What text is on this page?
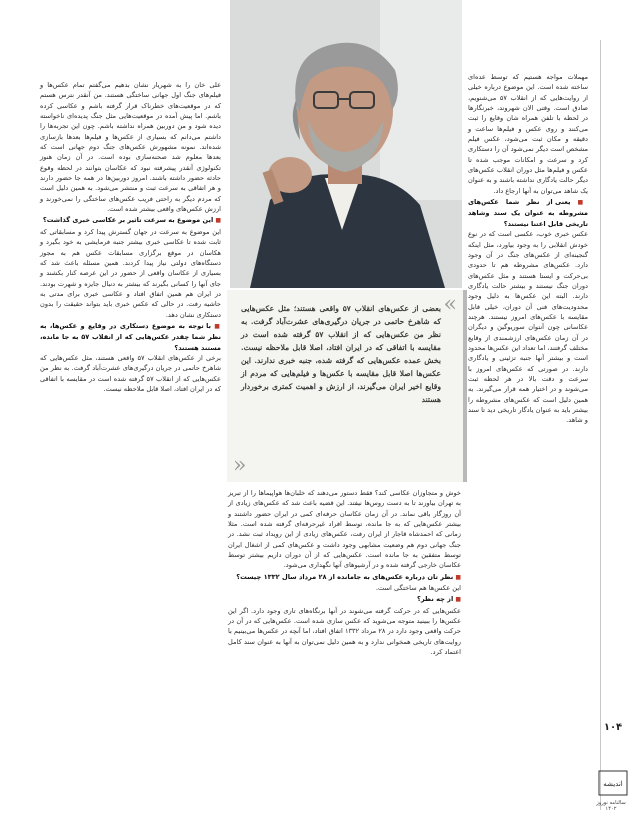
«
بعضی از عکس‌های انقلاب ۵۷ واقعی هستند؛ مثل عکس‌هایی که شاهرخ حاتمی در جریان درگیری‌های عشرت‌آباد گرفت. به نظر من عکس‌هایی که از انقلاب ۵۷ گرفته شده است در مقایسه با اتفاقی که در ایران افتاد، اصلا قابل ملاحظه نیست. بخش عمده عکس‌هایی که گرفته شده، جنبه خبری ندارند. این عکس‌ها اصلا قابل مقایسه با عکس‌ها و فیلم‌هایی که مردم از وقایع اخیر ایران می‌گیرند، از ارزش و اهمیت کمتری برخوردار هستند
»

مهملات مواجه هستیم که توسط عده‌ای ساخته شده است. این موضوع درباره خیلی از روایت‌هایی که از انقلاب ۵۷ می‌شنویم، صادق است. وقتی الان شهروند، خبرنگارها در لحظه با تلفن همراه شان وقایع را ثبت می‌کنند و روی عکس و فیلم‌ها ساعت و دقیقه و مکان ثبت می‌شود، عکس فیلم مشخص است دیگر نمی‌شود آن را دستکاری کرد و سرعت و امکانات موجب شده تا عکس و فیلم‌ها مثل دوران انقلاب عکس‌های دیگر حالت یادگاری نداشته باشند و به عنوان یک شاهد می‌توان به آنها ارجاع داد.

■ یعنی از نظر شما عکس‌های مشروطه به عنوان یک سند وشاهد تاریخی قابل اعتنا نیستند؟

عکس خبری خوب، عکسی است که در نوع خودش انقلابی را به وجود بیاورد، مثل اینکه گنجینه‌ای از عکس‌های جنگ در آن وجود دارد. عکس‌های مشروطه هم تا حدودی بی‌حرکت و ایستا هستند و مثل عکس‌های دوران جنگ نیستند و بیشتر حالت یادگاری دارند. البته این عکس‌ها به دلیل وجود محدودیت‌های فنی آن دوران، خیلی قابل مقایسه با عکس‌های امروز نیستند. هرچند عکاسانی چون آنتوان سوریوگین و دیگران در آن زمان عکس‌های ارزشمندی از وقایع مختلف گرفتند، اما تعداد این عکس‌ها محدود است و بیشتر آنها جنبه تزئینی و یادگاری دارند. در صورتی که عکس‌های امروز با سرعت و دقت بالا در هر لحظه ثبت می‌شوند و در اختیار همه قرار می‌گیرند. به همین دلیل است که عکس‌های مشروطه را بیشتر باید به عنوان یادگار تاریخی دید تا سند و شاهد.

علی خان را به شهریار نشان بدهیم می‌گفتم تمام عکس‌ها و فیلم‌های جنگ اول جهانی ساختگی هستند. من آنقدر نترس هستم که در موقعیت‌های خطرناک قرار گرفته باشم و عکاسی کرده باشم. اما پیش آمده در موقعیت‌هایی مثل جنگ پدیده‌ای ناخواسته دیده شود و من دوربین همراه نداشته باشم. چون این تجربه‌ها را داشتم می‌دانم که بسیاری از عکس‌ها و فیلم‌ها بعدها بازسازی شده‌اند. نمونه مشهورش عکس‌های جنگ دوم جهانی است که بعدها معلوم شد صحنه‌سازی بوده است. در آن زمان هنوز تکنولوژی آنقدر پیشرفته نبود که عکاسان بتوانند در لحظه وقوع حادثه حضور داشته باشند. امروز دوربین‌ها در همه جا حضور دارند و هر اتفاقی به سرعت ثبت و منتشر می‌شود. به همین دلیل است که مردم دیگر به راحتی فریب عکس‌های ساختگی را نمی‌خورند و ارزش عکس‌های واقعی بیشتر شده است.

■ این موضوع به سرعت تاثیر بر عکاسی خبری گذاشت؟

این موضوع به سرعت در جهان گسترش پیدا کرد و مسابقاتی که ثابت شده تا عکاسی خبری بیشتر جنبه فرمایشی به خود بگیرد و هکاسان در موقع برگزاری مسابقات عکس هم به مجوز دستگاه‌های دولتی نیاز پیدا کردند. همین مسئله باعث شد که بسیاری از عکاسان واقعی از حضور در این عرصه کنار بکشند و جای آنها را کسانی بگیرند که بیشتر به دنبال جایزه و شهرت بودند. در ایران هم همین اتفاق افتاد و عکاسی خبری برای مدتی به حاشیه رفت. در حالی که عکس خبری باید بتواند حقیقت را بدون دستکاری نشان دهد.

■ با توجه به موضوع دستکاری در وقایع و عکس‌ها، به نظر شما چقدر عکس‌هایی که از انقلاب ۵۷ به جا مانده، مستند هستند؟

برخی از عکس‌های انقلاب ۵۷ واقعی هستند، مثل عکس‌هایی که شاهرخ حاتمی در جریان درگیری‌های عشرت‌آباد گرفت. به نظر من عکس‌هایی که از انقلاب ۵۷ گرفته شده است در مقایسه با اتفاقی که در ایران افتاد، اصلا قابل ملاحظه نیست.

خوش و متجاوزان عکاسی کند؟ فقط دستور می‌دهند که خلبان‌ها هواپیماها را از تبریز به تهران بیاورند تا به دست روس‌ها نیفتد. این قضیه باعث شد که عکس‌های زیادی از آن روزگار باقی نماند. در آن زمان عکاسان حرفه‌ای کمی در ایران حضور داشتند و بیشتر عکس‌هایی که به جا مانده، توسط افراد غیرحرفه‌ای گرفته شده است. مثلا زمانی که احمدشاه قاجار از ایران رفت، عکس‌های زیادی از این رویداد ثبت نشد. در جنگ جهانی دوم هم وضعیت مشابهی وجود داشت و عکس‌های کمی از اشغال ایران توسط متفقین به جا مانده است. عکس‌هایی که از آن دوران داریم بیشتر توسط عکاسان خارجی گرفته شده و در آرشیوهای آنها نگهداری می‌شود.

■ نظر تان درباره عکس‌های به جامانده از ۲۸ مرداد سال ۱۳۳۲ چیست؟

این عکس‌ها هم ساختگی است.

■ از چه نظر؟

عکس‌هایی که در حرکت گرفته می‌شوند در آنها برنگاه‌های تاری وجود دارد. اگر این عکس‌ها را ببینید متوجه می‌شوید که عکس سازی شده است. عکس‌هایی که در آن در حرکت واقعی وجود دارد در ۲۸ مرداد ۱۳۳۲ اتفاق افتاد، اما آنچه در عکس‌ها می‌بینیم با روایت‌های تاریخی همخوانی ندارد و به همین دلیل نمی‌توان به آنها به عنوان سند کامل اعتماد کرد.

۱۰۴
اندیشه
سالنامه نوروز ۱۴۰۲
